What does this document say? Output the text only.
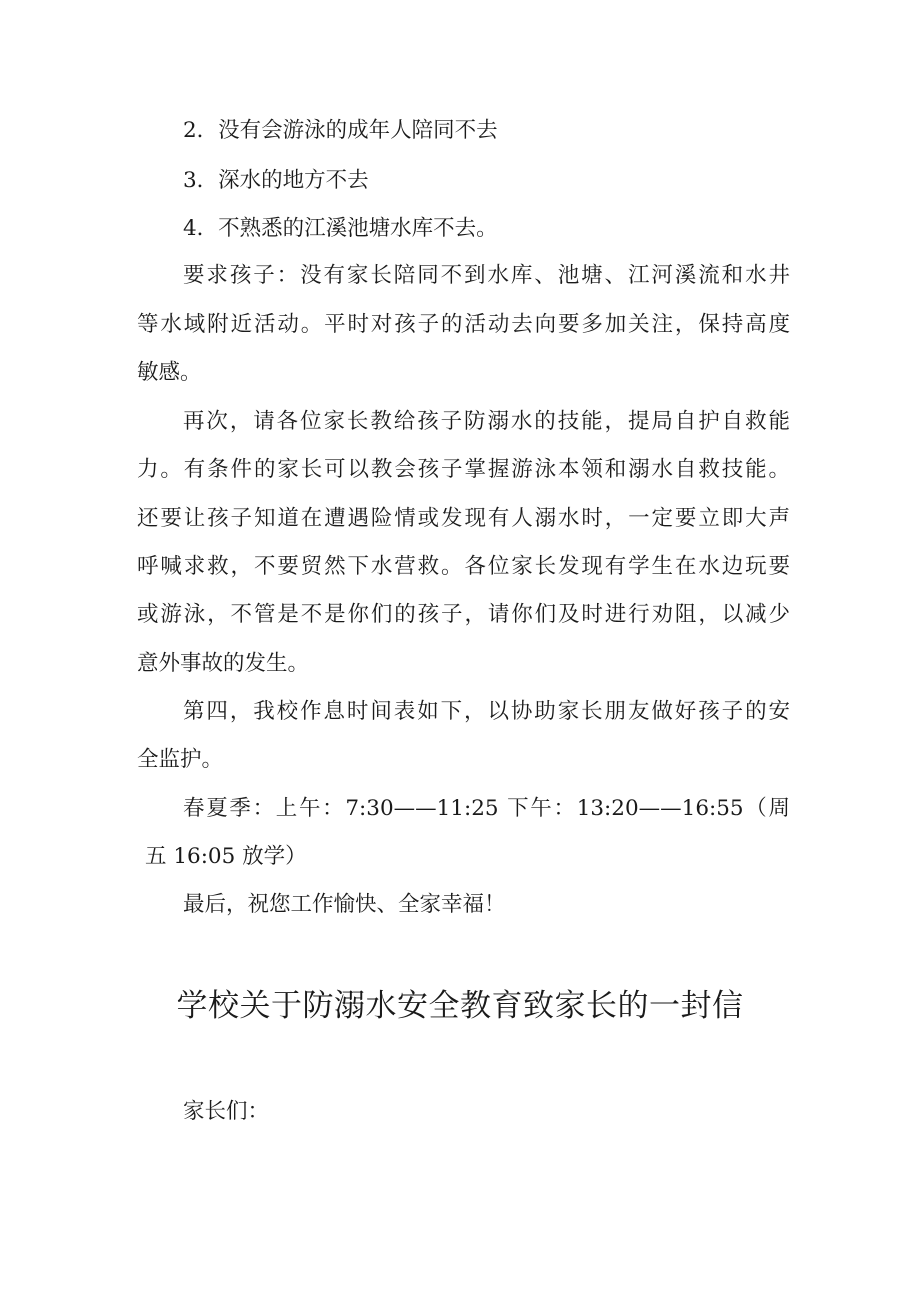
2．没有会游泳的成年人陪同不去
3．深水的地方不去
4．不熟悉的江溪池塘水库不去。
要求孩子：没有家长陪同不到水库、池塘、江河溪流和水井
等水域附近活动。平时对孩子的活动去向要多加关注，保持高度
敏感。
再次，请各位家长教给孩子防溺水的技能，提局自护自救能
力。有条件的家长可以教会孩子掌握游泳本领和溺水自救技能。
还要让孩子知道在遭遇险情或发现有人溺水时，一定要立即大声
呼喊求救，不要贸然下水营救。各位家长发现有学生在水边玩要
或游泳，不管是不是你们的孩子，请你们及时进行劝阻，以减少
意外事故的发生。
第四，我校作息时间表如下，以协助家长朋友做好孩子的安
全监护。
春夏季：上午：7:30——11:25 下午：13:20——16:55（周
五 16:05 放学）
最后，祝您工作愉快、全家幸福！
学校关于防溺水安全教育致家长的一封信
家长们：
